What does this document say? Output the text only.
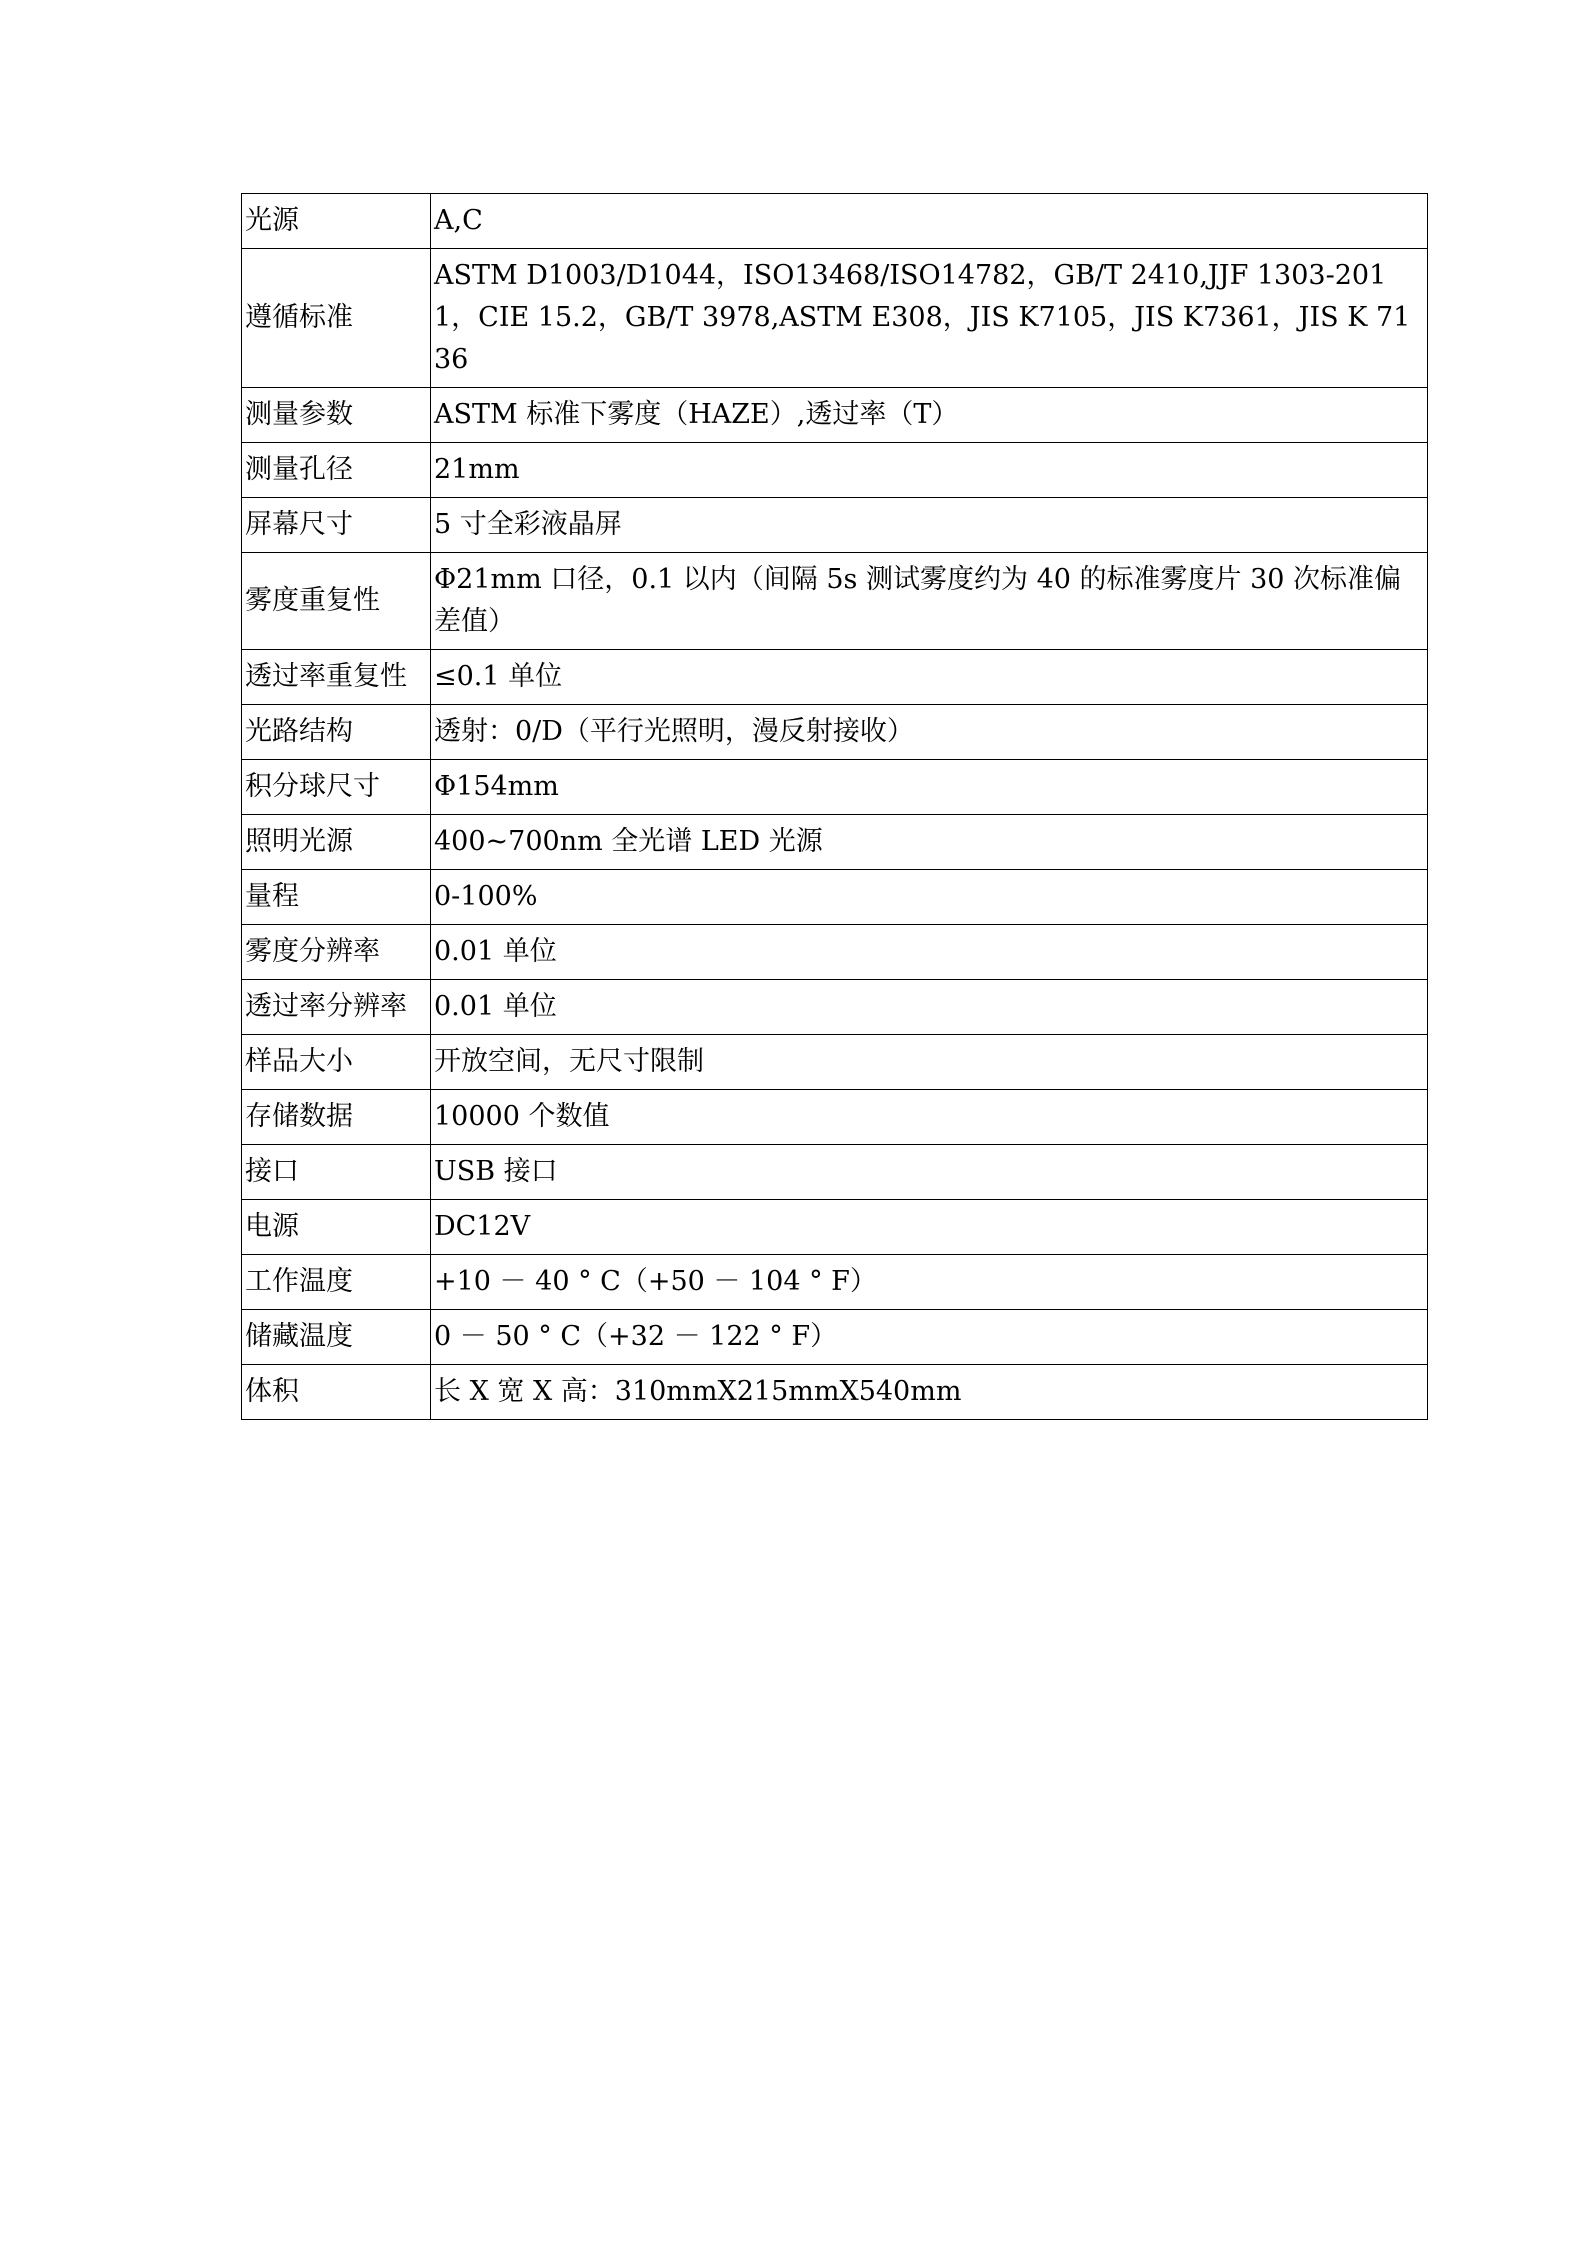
光源	A,C
遵循标准	ASTM D1003/D1044，ISO13468/ISO14782，GB/T 2410,JJF 1303-2011，CIE 15.2，GB/T 3978,ASTM E308，JIS K7105，JIS K7361，JIS K 7136
测量参数	ASTM 标准下雾度（HAZE）,透过率（T）
测量孔径	21mm
屏幕尺寸	5 寸全彩液晶屏
雾度重复性	Φ21mm 口径，0.1 以内（间隔 5s 测试雾度约为 40 的标准雾度片 30 次标准偏差值）
透过率重复性	≤0.1 单位
光路结构	透射：0/D（平行光照明，漫反射接收）
积分球尺寸	Φ154mm
照明光源	400~700nm 全光谱 LED 光源
量程	0-100%
雾度分辨率	0.01 单位
透过率分辨率	0.01 单位
样品大小	开放空间，无尺寸限制
存储数据	10000 个数值
接口	USB 接口
电源	DC12V
工作温度	+10 － 40 ° C（+50 － 104 ° F）
储藏温度	0 － 50 ° C（+32 － 122 ° F）
体积	长 X 宽 X 高：310mmX215mmX540mm
